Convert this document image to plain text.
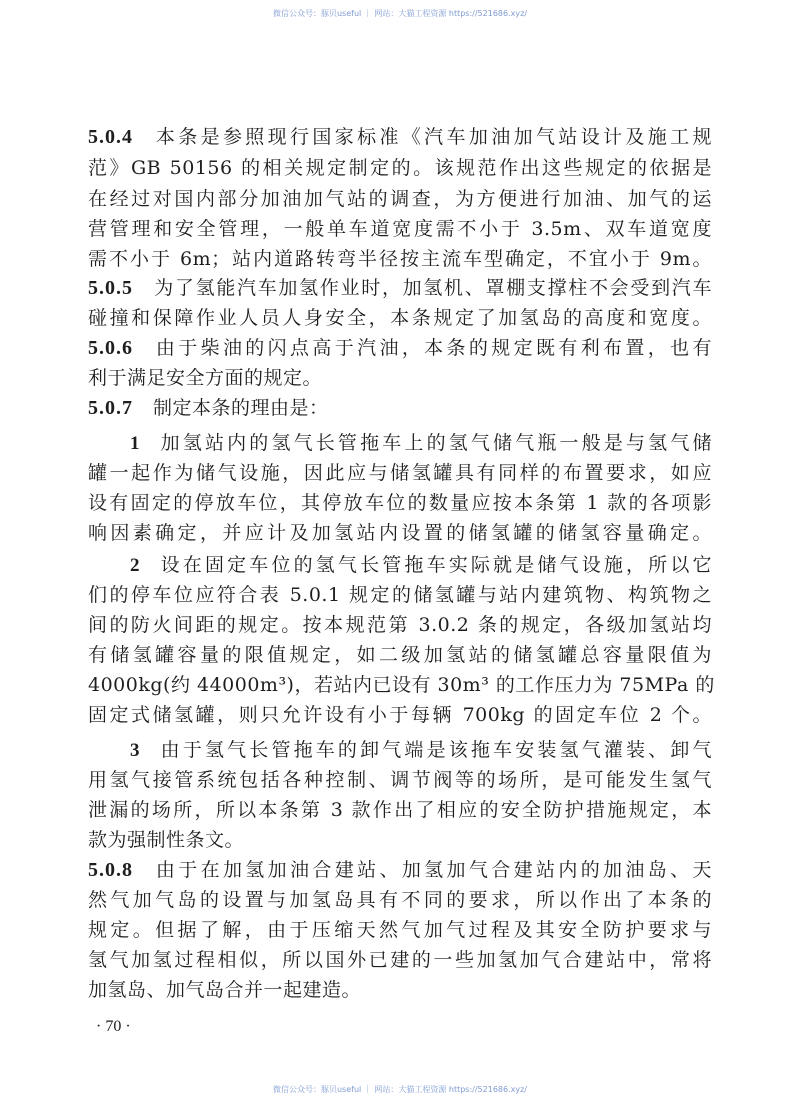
微信公众号：豚贝useful ｜ 网站：大猫工程资源 https://521686.xyz/
5.0.4 本条是参照现行国家标准《汽车加油加气站设计及施工规
范》GB 50156 的相关规定制定的。该规范作出这些规定的依据是
在经过对国内部分加油加气站的调查，为方便进行加油、加气的运
营管理和安全管理，一般单车道宽度需不小于 3.5m、双车道宽度
需不小于 6m；站内道路转弯半径按主流车型确定，不宜小于 9m。
5.0.5 为了氢能汽车加氢作业时，加氢机、罩棚支撑柱不会受到汽车
碰撞和保障作业人员人身安全，本条规定了加氢岛的高度和宽度。
5.0.6 由于柴油的闪点高于汽油，本条的规定既有利布置，也有
利于满足安全方面的规定。
5.0.7 制定本条的理由是：
1 加氢站内的氢气长管拖车上的氢气储气瓶一般是与氢气储
罐一起作为储气设施，因此应与储氢罐具有同样的布置要求，如应
设有固定的停放车位，其停放车位的数量应按本条第 1 款的各项影
响因素确定，并应计及加氢站内设置的储氢罐的储氢容量确定。
2 设在固定车位的氢气长管拖车实际就是储气设施，所以它
们的停车位应符合表 5.0.1 规定的储氢罐与站内建筑物、构筑物之
间的防火间距的规定。按本规范第 3.0.2 条的规定，各级加氢站均
有储氢罐容量的限值规定，如二级加氢站的储氢罐总容量限值为
4000kg(约 44000m³)，若站内已设有 30m³ 的工作压力为 75MPa 的
固定式储氢罐，则只允许设有小于每辆 700kg 的固定车位 2 个。
3 由于氢气长管拖车的卸气端是该拖车安装氢气灌装、卸气
用氢气接管系统包括各种控制、调节阀等的场所，是可能发生氢气
泄漏的场所，所以本条第 3 款作出了相应的安全防护措施规定，本
款为强制性条文。
5.0.8 由于在加氢加油合建站、加氢加气合建站内的加油岛、天
然气加气岛的设置与加氢岛具有不同的要求，所以作出了本条的
规定。但据了解，由于压缩天然气加气过程及其安全防护要求与
氢气加氢过程相似，所以国外已建的一些加氢加气合建站中，常将
加氢岛、加气岛合并一起建造。
· 70 ·
微信公众号：豚贝useful ｜ 网站：大猫工程资源 https://521686.xyz/
